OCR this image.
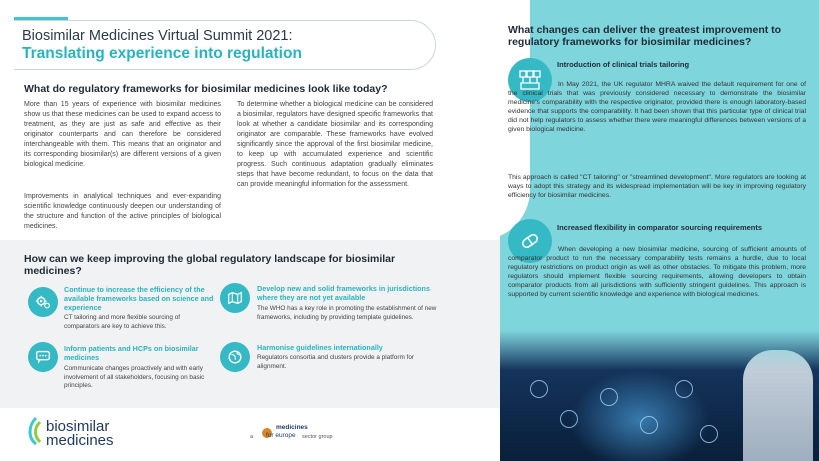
Biosimilar Medicines Virtual Summit 2021:
Translating experience into regulation
What do regulatory frameworks for biosimilar medicines look like today?
More than 15 years of experience with biosimilar medicines show us that these medicines can be used to expand access to treatment, as they are just as safe and effective as their originator counterparts and can therefore be considered interchangeable with them. This means that an originator and its corresponding biosimilar(s) are different versions of a given biological medicine.
Improvements in analytical techniques and ever-expanding scientific knowledge continuously deepen our understanding of the structure and function of the active principles of biological medicines.
To determine whether a biological medicine can be considered a biosimilar, regulators have designed specific frameworks that look at whether a candidate biosimilar and its corresponding originator are comparable. These frameworks have evolved significantly since the approval of the first biosimilar medicine, to keep up with accumulated experience and scientific progress. Such continuous adaptation gradually eliminates steps that have become redundant, to focus on the data that can provide meaningful information for the assessment.
How can we keep improving the global regulatory landscape for biosimilar medicines?
Continue to increase the efficiency of the available frameworks based on science and experience
CT tailoring and more flexible sourcing of comparators are key to achieve this.
Develop new and solid frameworks in jurisdictions where they are not yet available
The WHO has a key role in promoting the establishment of new frameworks, including by providing template guidelines.
Inform patients and HCPs on biosimilar medicines
Communicate changes proactively and with early involvement of all stakeholders, focusing on basic principles.
Harmonise guidelines internationally
Regulators consortia and clusters provide a platform for alignment.
biosimilar
medicines	a
medicines
for europe sector group
What changes can deliver the greatest improvement to regulatory frameworks for biosimilar medicines?
Introduction of clinical trials tailoring
In May 2021, the UK regulator MHRA waived the default requirement for one of the clinical trials that was previously considered necessary to demonstrate the biosimilar medicine's comparability with the respective originator, provided there is enough laboratory-based evidence that supports the comparability. It had been shown that this particular type of clinical trial did not help regulators to assess whether there were meaningful differences between versions of a given biological medicine.
This approach is called "CT tailoring" or "streamlined development". More regulators are looking at ways to adopt this strategy and its widespread implementation will be key in improving regulatory efficiency for biosimilar medicines.
Increased flexibility in comparator sourcing requirements
When developing a new biosimilar medicine, sourcing of sufficient amounts of comparator product to run the necessary comparability tests remains a hurdle, due to local regulatory restrictions on product origin as well as other obstacles. To mitigate this problem, more regulators should implement flexible sourcing requirements, allowing developers to obtain comparator products from all jurisdictions with sufficiently stringent guidelines. This approach is supported by current scientific knowledge and experience with biological medicines.
